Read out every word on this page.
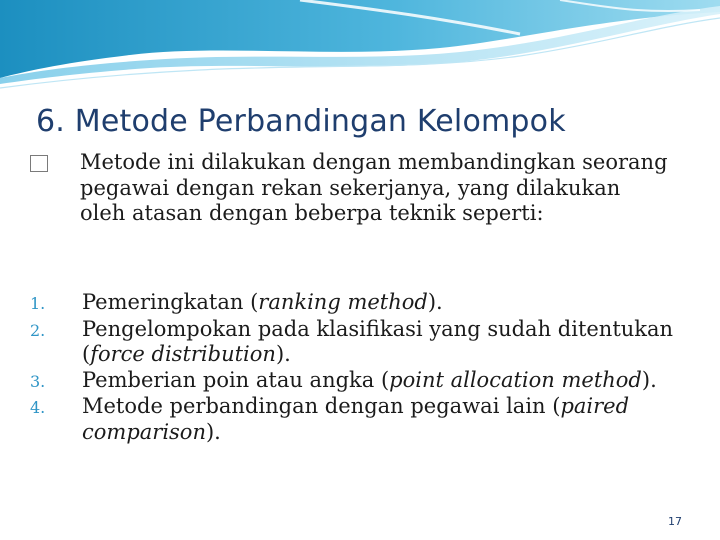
6. Metode Perbandingan Kelompok
Metode ini dilakukan dengan membandingkan seorang pegawai dengan rekan sekerjanya, yang dilakukan oleh atasan dengan beberpa teknik seperti:
1.	Pemeringkatan (ranking method).
2.	Pengelompokan pada klasifikasi yang sudah ditentukan (force distribution).
3.	Pemberian poin atau angka (point allocation method).
4.	Metode perbandingan dengan pegawai lain (paired comparison).
17
